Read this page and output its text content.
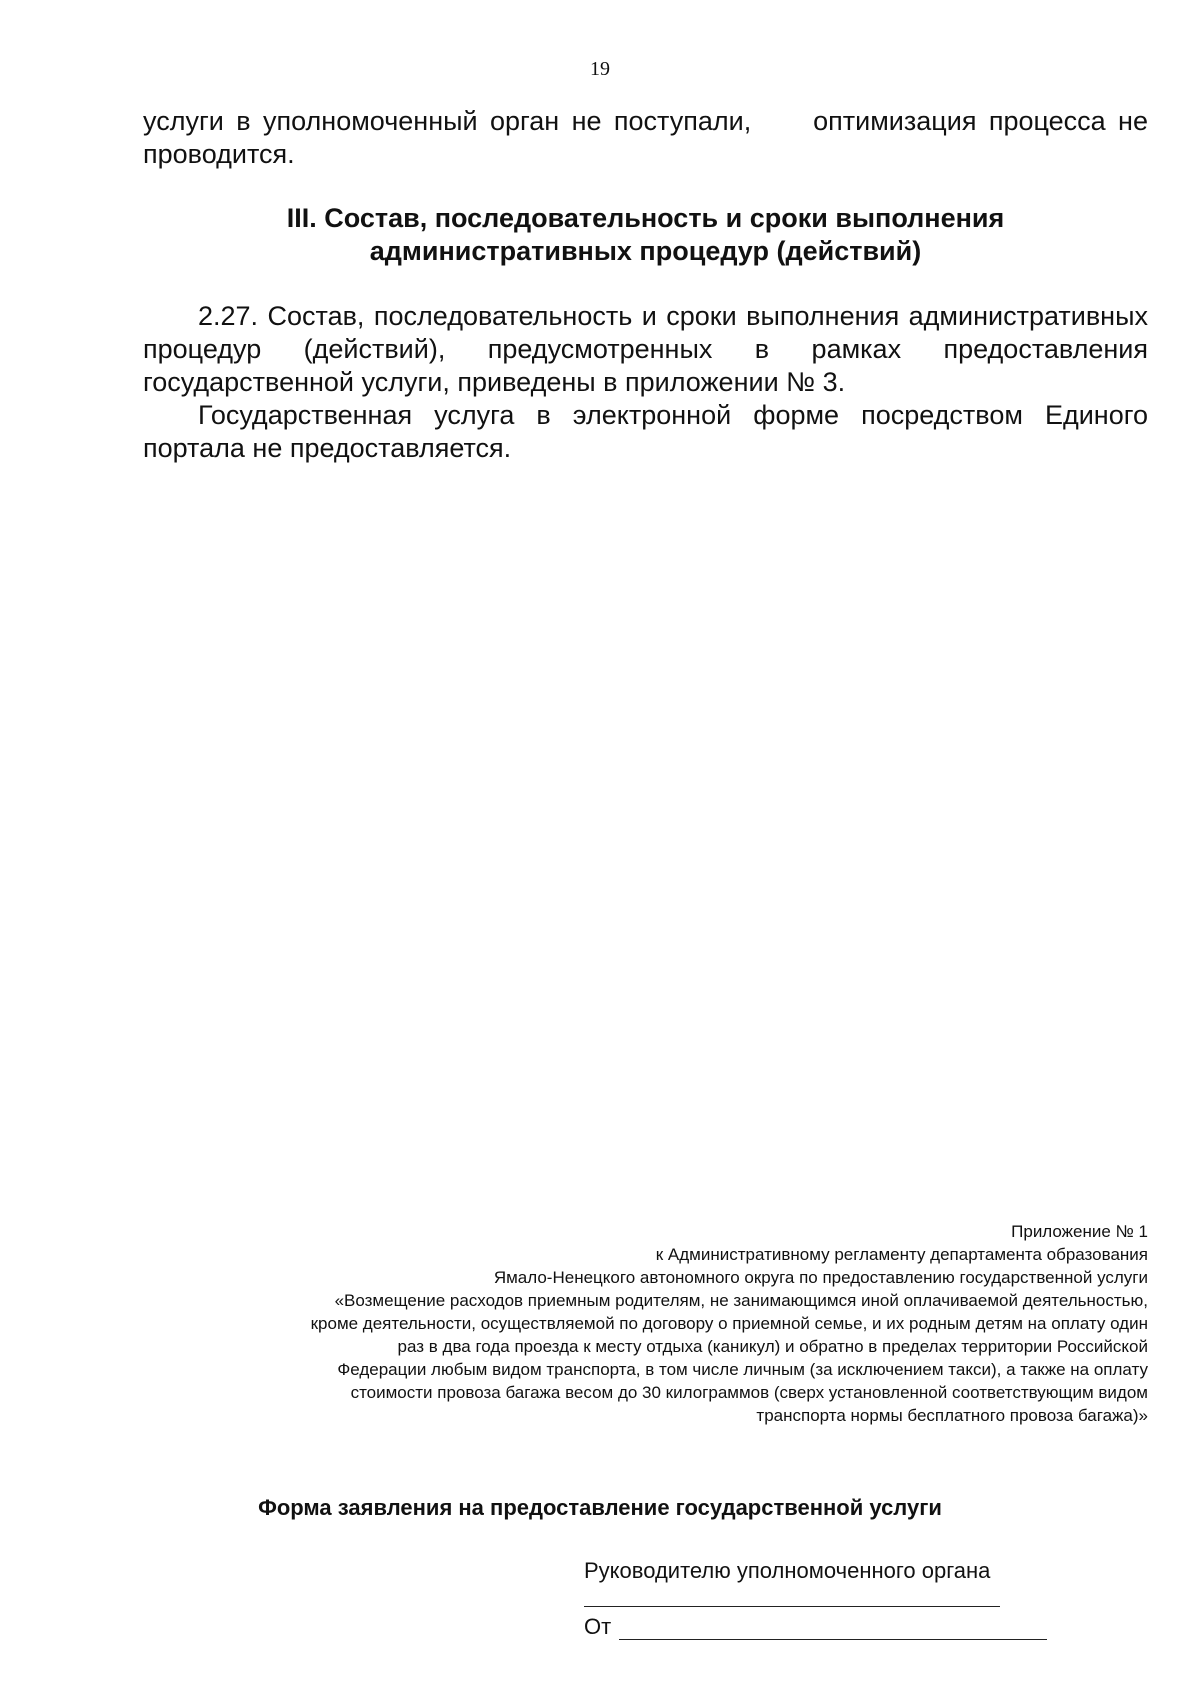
19
услуги в уполномоченный орган не поступали,     оптимизация процесса не проводится.
III. Состав, последовательность и сроки выполнения
административных процедур (действий)

2.27. Состав, последовательность и сроки выполнения административных процедур (действий), предусмотренных в рамках предоставления государственной услуги, приведены в приложении № 3.

Государственная услуга в электронной форме посредством Единого портала не предоставляется.

Приложение № 1
к Административному регламенту департамента образования
Ямало-Ненецкого автономного округа по предоставлению государственной услуги
«Возмещение расходов приемным родителям, не занимающимся иной оплачиваемой деятельностью,
кроме деятельности, осуществляемой по договору о приемной семье, и их родным детям на оплату один
раз в два года проезда к месту отдыха (каникул) и обратно в пределах территории Российской
Федерации любым видом транспорта, в том числе личным (за исключением такси), а также на оплату
стоимости провоза багажа весом до 30 килограммов (сверх установленной соответствующим видом
транспорта нормы бесплатного провоза багажа)»
Форма заявления на предоставление государственной услуги
Руководителю уполномоченного органа
От
